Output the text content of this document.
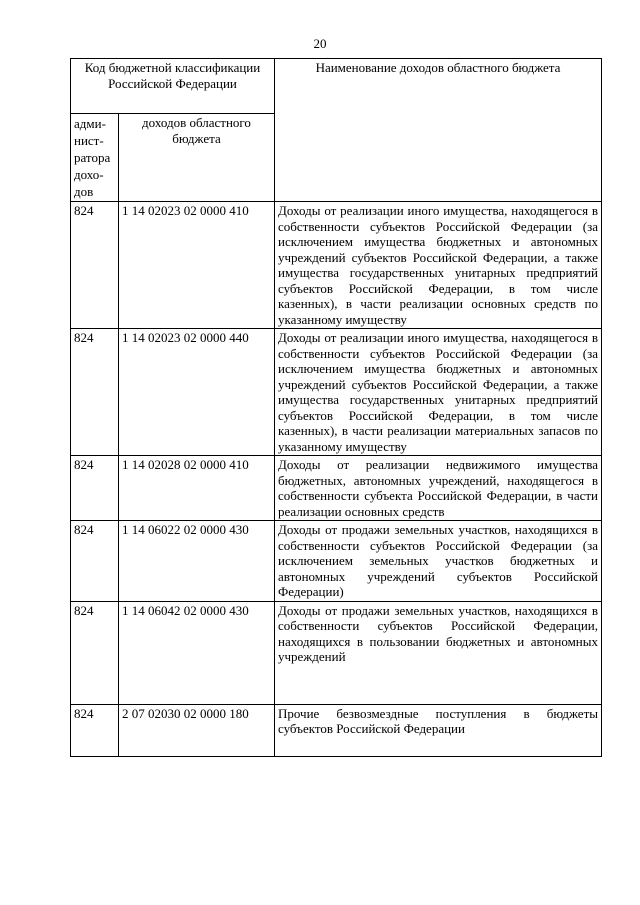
20
Код бюджетной классификации Российской Федерации		Наименование доходов областного бюджета
адми-нист-ратора дохо-дов	доходов областного бюджета	
824	1 14 02023 02 0000 410	Доходы от реализации иного имущества, находящегося в собственности субъектов Российской Федерации (за исключением имущества бюджетных и автономных учреждений субъектов Российской Федерации, а также имущества государственных унитарных предприятий субъектов Российской Федерации, в том числе казенных), в части реализации основных средств по указанному имуществу
824	1 14 02023 02 0000 440	Доходы от реализации иного имущества, находящегося в собственности субъектов Российской Федерации (за исключением имущества бюджетных и автономных учреждений субъектов Российской Федерации, а также имущества государственных унитарных предприятий субъектов Российской Федерации, в том числе казенных), в части реализации материальных запасов по указанному имуществу
824	1 14 02028 02 0000 410	Доходы от реализации недвижимого имущества бюджетных, автономных учреждений, находящегося в собственности субъекта Российской Федерации, в части реализации основных средств
824	1 14 06022 02 0000 430	Доходы от продажи земельных участков, находящихся в собственности субъектов Российской Федерации (за исключением земельных участков бюджетных и автономных учреждений субъектов Российской Федерации)
824	1 14 06042 02 0000 430	Доходы от продажи земельных участков, находящихся в собственности субъектов Российской Федерации, находящихся в пользовании бюджетных и автономных учреждений
824	2 07 02030 02 0000 180	Прочие безвозмездные поступления в бюджеты субъектов Российской Федерации
